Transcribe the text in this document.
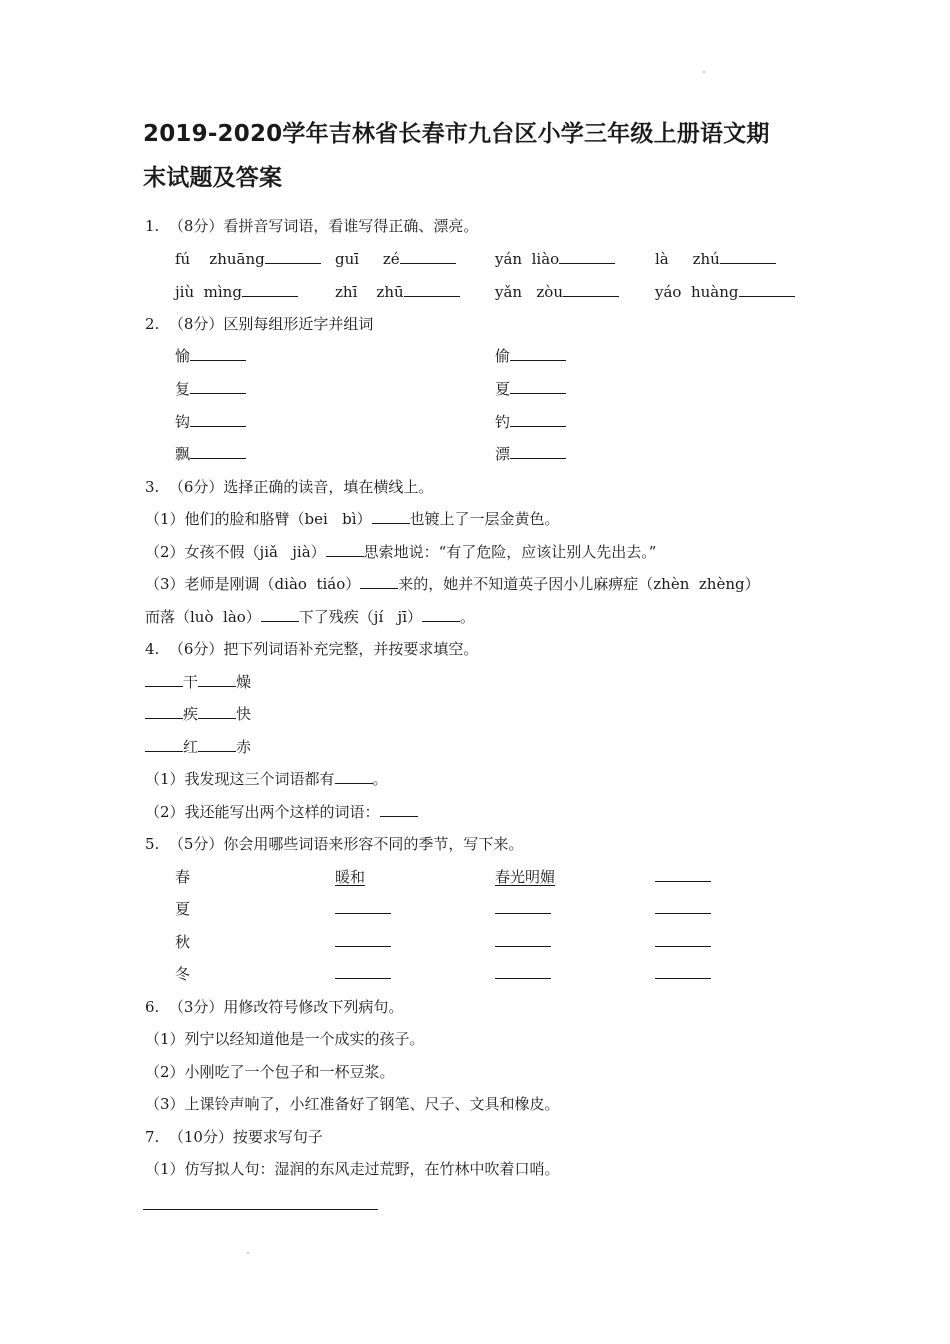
2019-2020学年吉林省长春市九台区小学三年级上册语文期
末试题及答案
1.  （8分）看拼音写词语，看谁写得正确、漂亮。
fú    zhuāng	guī     zé	yán  liào	là     zhú
jiù  mìng	zhī    zhū	yǎn   zòu	yáo  huàng
2.  （8分）区别每组形近字并组词
愉	偷
复	夏
钩	钓
飘	漂
3.  （6分）选择正确的读音，填在横线上。
（1）他们的脸和胳臂（bei   bì）	也镀上了一层金黄色。
（2）女孩不假（jiǎ   jià）	思索地说：“有了危险，应该让别人先出去。”
（3）老师是刚调（diào  tiáo）	来的，她并不知道英子因小儿麻痹症（zhèn  zhèng）
而落（luò  lào）	下了残疾（jí   jī）	。
4.  （6分）把下列词语补充完整，并按要求填空。
干	燥
疾	快
红	赤
（1）我发现这三个词语都有	。
（2）我还能写出两个这样的词语：
5.  （5分）你会用哪些词语来形容不同的季节，写下来。
春	暖和	春光明媚
夏
秋
冬
6.  （3分）用修改符号修改下列病句。
（1）列宁以经知道他是一个成实的孩子。
（2）小刚吃了一个包子和一杯豆浆。
（3）上课铃声响了，小红准备好了钢笔、尺子、文具和橡皮。
7.  （10分）按要求写句子
（1）仿写拟人句：湿润的东风走过荒野，在竹林中吹着口哨。
